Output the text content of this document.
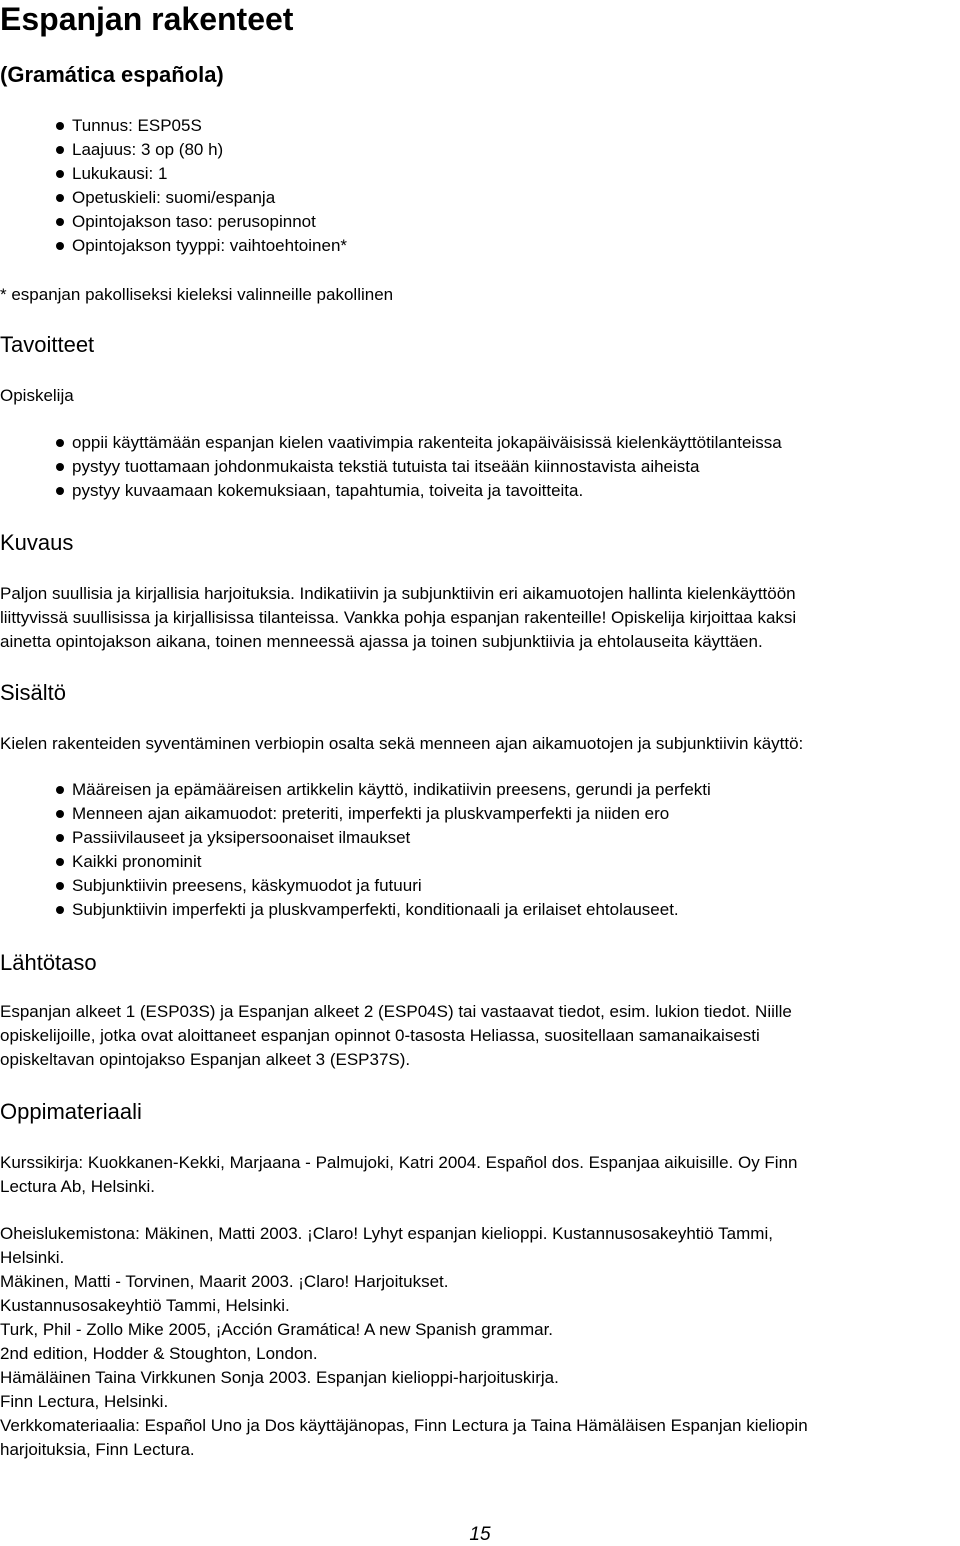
Espanjan rakenteet
(Gramática española)
Tunnus: ESP05S
Laajuus: 3 op (80 h)
Lukukausi: 1
Opetuskieli: suomi/espanja
Opintojakson taso: perusopinnot
Opintojakson tyyppi: vaihtoehtoinen*
* espanjan pakolliseksi kieleksi valinneille pakollinen
Tavoitteet
Opiskelija
oppii käyttämään espanjan kielen vaativimpia rakenteita jokapäiväisissä kielenkäyttötilanteissa
pystyy tuottamaan johdonmukaista tekstiä tutuista tai itseään kiinnostavista aiheista
pystyy kuvaamaan kokemuksiaan, tapahtumia, toiveita ja tavoitteita.
Kuvaus
Paljon suullisia ja kirjallisia harjoituksia. Indikatiivin ja subjunktiivin eri aikamuotojen hallinta kielenkäyttöön
liittyvissä suullisissa ja kirjallisissa tilanteissa. Vankka pohja espanjan rakenteille! Opiskelija kirjoittaa kaksi
ainetta opintojakson aikana, toinen menneessä ajassa ja toinen subjunktiivia ja ehtolauseita käyttäen.
Sisältö
Kielen rakenteiden syventäminen verbiopin osalta sekä menneen ajan aikamuotojen ja subjunktiivin käyttö:
Määreisen ja epämääreisen artikkelin käyttö, indikatiivin preesens, gerundi ja perfekti
Menneen ajan aikamuodot: preteriti, imperfekti ja pluskvamperfekti ja niiden ero
Passiivilauseet ja yksipersoonaiset ilmaukset
Kaikki pronominit
Subjunktiivin preesens, käskymuodot ja futuuri
Subjunktiivin imperfekti ja pluskvamperfekti, konditionaali ja erilaiset ehtolauseet.
Lähtötaso
Espanjan alkeet 1 (ESP03S) ja Espanjan alkeet 2 (ESP04S) tai vastaavat tiedot, esim. lukion tiedot. Niille
opiskelijoille, jotka ovat aloittaneet espanjan opinnot 0-tasosta Heliassa, suositellaan samanaikaisesti
opiskeltavan opintojakso Espanjan alkeet 3 (ESP37S).
Oppimateriaali
Kurssikirja: Kuokkanen-Kekki, Marjaana - Palmujoki, Katri 2004. Español dos. Espanjaa aikuisille. Oy Finn
Lectura Ab, Helsinki.
Oheislukemistona: Mäkinen, Matti 2003. ¡Claro! Lyhyt espanjan kielioppi. Kustannusosakeyhtiö Tammi,
Helsinki.
Mäkinen, Matti - Torvinen, Maarit 2003. ¡Claro! Harjoitukset.
Kustannusosakeyhtiö Tammi, Helsinki.
Turk, Phil - Zollo Mike 2005, ¡Acción Gramática! A new Spanish grammar.
2nd edition, Hodder & Stoughton, London.
Hämäläinen Taina Virkkunen Sonja 2003. Espanjan kielioppi-harjoituskirja.
Finn Lectura, Helsinki.
Verkkomateriaalia: Español Uno ja Dos käyttäjänopas, Finn Lectura ja Taina Hämäläisen Espanjan kieliopin
harjoituksia, Finn Lectura.
15
